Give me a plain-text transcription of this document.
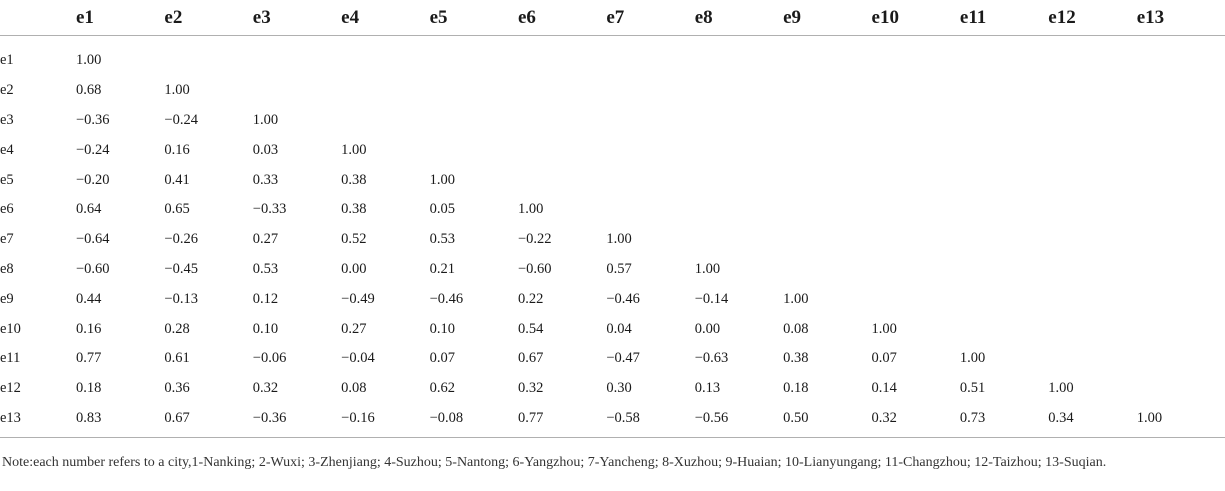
	e1	e2	e3	e4	e5	e6	e7	e8	e9	e10	e11	e12	e13
e1	1.00												
e2	0.68	1.00											
e3	−0.36	−0.24	1.00										
e4	−0.24	0.16	0.03	1.00									
e5	−0.20	0.41	0.33	0.38	1.00								
e6	0.64	0.65	−0.33	0.38	0.05	1.00							
e7	−0.64	−0.26	0.27	0.52	0.53	−0.22	1.00						
e8	−0.60	−0.45	0.53	0.00	0.21	−0.60	0.57	1.00					
e9	0.44	−0.13	0.12	−0.49	−0.46	0.22	−0.46	−0.14	1.00				
e10	0.16	0.28	0.10	0.27	0.10	0.54	0.04	0.00	0.08	1.00			
e11	0.77	0.61	−0.06	−0.04	0.07	0.67	−0.47	−0.63	0.38	0.07	1.00		
e12	0.18	0.36	0.32	0.08	0.62	0.32	0.30	0.13	0.18	0.14	0.51	1.00	
e13	0.83	0.67	−0.36	−0.16	−0.08	0.77	−0.58	−0.56	0.50	0.32	0.73	0.34	1.00
Note:each number refers to a city,1-Nanking; 2-Wuxi; 3-Zhenjiang; 4-Suzhou; 5-Nantong; 6-Yangzhou; 7-Yancheng; 8-Xuzhou; 9-Huaian; 10-Lianyungang; 11-Changzhou; 12-Taizhou; 13-Suqian.
